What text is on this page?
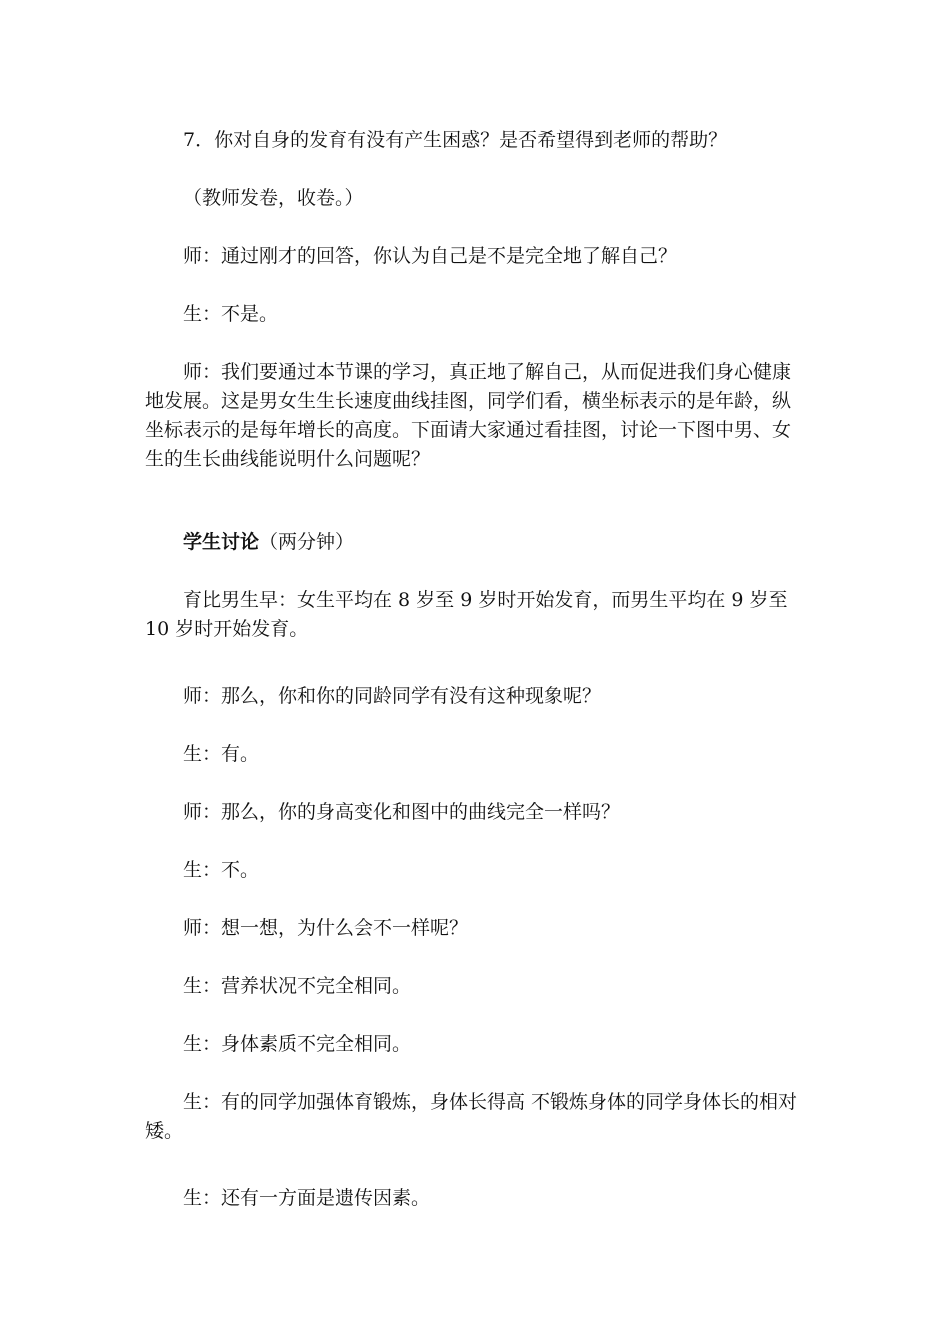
7．你对自身的发育有没有产生困惑？是否希望得到老师的帮助？

（教师发卷，收卷。）

师：通过刚才的回答，你认为自己是不是完全地了解自己？

生：不是。

师：我们要通过本节课的学习，真正地了解自己，从而促进我们身心健康地发展。这是男女生生长速度曲线挂图，同学们看，横坐标表示的是年龄，纵坐标表示的是每年增长的高度。下面请大家通过看挂图，讨论一下图中男、女生的生长曲线能说明什么问题呢？

学生讨论（两分钟）

育比男生早：女生平均在 8 岁至 9 岁时开始发育，而男生平均在 9 岁至 10 岁时开始发育。

师：那么，你和你的同龄同学有没有这种现象呢？

生：有。

师：那么，你的身高变化和图中的曲线完全一样吗？

生：不。

师：想一想，为什么会不一样呢？

生：营养状况不完全相同。

生：身体素质不完全相同。

生：有的同学加强体育锻炼，身体长得高 不锻炼身体的同学身体长的相对矮。

生：还有一方面是遗传因素。
